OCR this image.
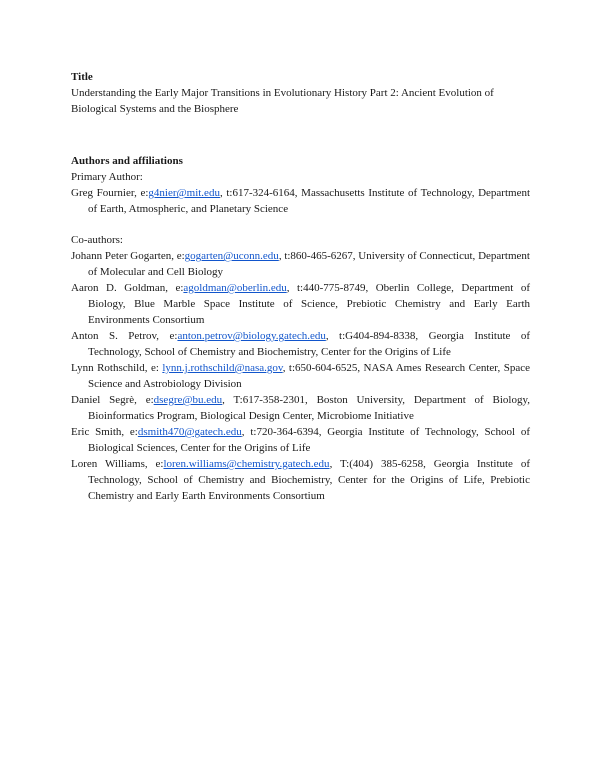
Title

Understanding the Early Major Transitions in Evolutionary History Part 2: Ancient Evolution of Biological Systems and the Biosphere

Authors and affiliations

Primary Author:

Greg Fournier, e:g4nier@mit.edu, t:617-324-6164, Massachusetts Institute of Technology, Department of Earth, Atmospheric, and Planetary Science

Co-authors:

Johann Peter Gogarten, e:gogarten@uconn.edu, t:860-465-6267, University of Connecticut, Department of Molecular and Cell Biology

Aaron D. Goldman, e:agoldman@oberlin.edu, t:440-775-8749, Oberlin College, Department of Biology, Blue Marble Space Institute of Science, Prebiotic Chemistry and Early Earth Environments Consortium

Anton S. Petrov, e:anton.petrov@biology.gatech.edu, t:G404-894-8338, Georgia Institute of Technology, School of Chemistry and Biochemistry, Center for the Origins of Life

Lynn Rothschild, e: lynn.j.rothschild@nasa.gov, t:650-604-6525, NASA Ames Research Center, Space Science and Astrobiology Division

Daniel Segrè, e:dsegre@bu.edu, T:617-358-2301, Boston University, Department of Biology, Bioinformatics Program, Biological Design Center, Microbiome Initiative

Eric Smith, e:dsmith470@gatech.edu, t:720-364-6394, Georgia Institute of Technology, School of Biological Sciences, Center for the Origins of Life

Loren Williams, e:loren.williams@chemistry.gatech.edu, T:(404) 385-6258, Georgia Institute of Technology, School of Chemistry and Biochemistry, Center for the Origins of Life, Prebiotic Chemistry and Early Earth Environments Consortium
